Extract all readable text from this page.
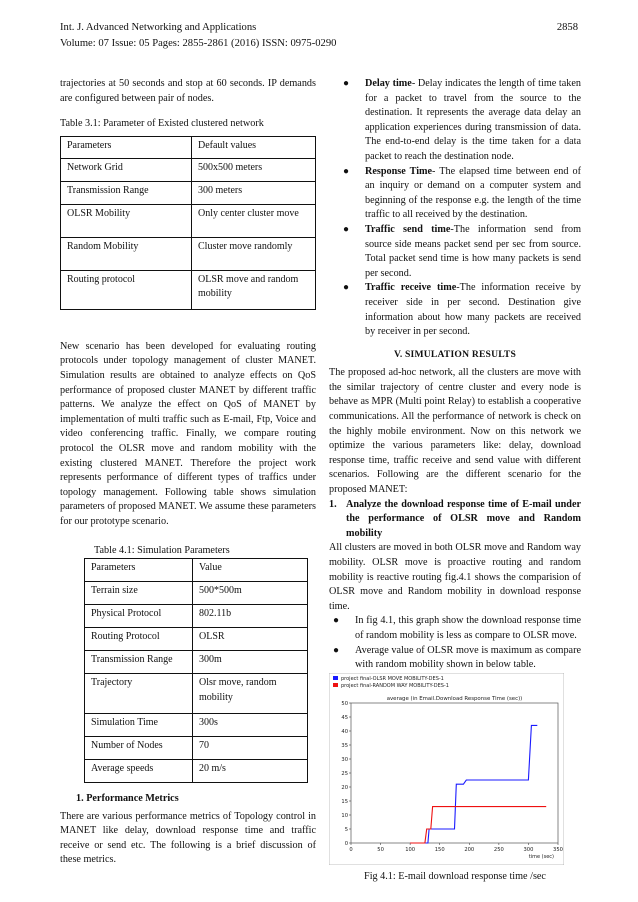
Int. J. Advanced Networking and Applications
Volume: 07 Issue: 05 Pages: 2855-2861 (2016) ISSN: 0975-0290
2858

trajectories at 50 seconds and stop at 60 seconds. IP demands are configured between pair of nodes.

Table 3.1: Parameter of Existed clustered network

Parameters	Default values
Network Grid	500x500 meters
Transmission Range	300 meters
OLSR Mobility	Only center cluster move
Random Mobility	Cluster move randomly
Routing protocol	OLSR move and random mobility

New scenario has been developed for evaluating routing protocols under topology management of cluster MANET. Simulation results are obtained to analyze effects on QoS performance of proposed cluster MANET by different traffic patterns. We analyze the effect on QoS of MANET by implementation of multi traffic such as E-mail, Ftp, Voice and video conferencing traffic. Finally, we compare routing protocol the OLSR move and random mobility with the existing clustered MANET. Therefore the project work represents performance of different types of traffics under topology management. Following table shows simulation parameters of proposed MANET. We assume these parameters for our prototype scenario.

Table 4.1: Simulation Parameters

Parameters	Value
Terrain size	500*500m
Physical Protocol	802.11b
Routing Protocol	OLSR
Transmission Range	300m
Trajectory	Olsr move, random mobility
Simulation Time	300s
Number of Nodes	70
Average speeds	20 m/s

1. Performance Metrics

There are various performance metrics of Topology control in MANET like delay, download response time and traffic receive or send etc. The following is a brief discussion of these metrics.

● Delay time- Delay indicates the length of time taken for a packet to travel from the source to the destination. It represents the average data delay an application experiences during transmission of data. The end-to-end delay is the time taken for a data packet to reach the destination node.
● Response Time- The elapsed time between end of an inquiry or demand on a computer system and beginning of the response e.g. the length of the time traffic to all received by the destination.
● Traffic send time-The information send from source side means packet send per sec from source. Total packet send time is how many packets is send per second.
● Traffic receive time-The information receive by receiver side in per second. Destination give information about how many packets are received by receiver in per second.

V. SIMULATION RESULTS

The proposed ad-hoc network, all the clusters are move with the similar trajectory of centre cluster and every node is behave as MPR (Multi point Relay) to establish a cooperative communications. All the performance of network is check on the highly mobile environment. Now on this network we optimize the various parameters like: delay, download response time, traffic receive and send value with different scenarios. Following are the different scenario for the proposed MANET:

1. Analyze the download response time of E-mail under the performance of OLSR move and Random mobility

All clusters are moved in both OLSR move and Random way mobility. OLSR move is proactive routing and random mobility is reactive routing fig.4.1 shows the comparision of OLSR move and Random mobility in download response time.

● In fig 4.1, this graph show the download response time of random mobility is less as compare to OLSR move.
● Average value of OLSR move is maximum as compare with random mobility shown in below table.
project final-OLSR MOVE MOBILITY-DES-1
project final-RANDOM WAY MOBILITY-DES-1
average (in Email.Download Response Time (sec))
0
5
10
15
20
25
30
35
40
45
50
0	50	100	150	200	250	300	350
time (sec)

Fig 4.1: E-mail download response time /sec
